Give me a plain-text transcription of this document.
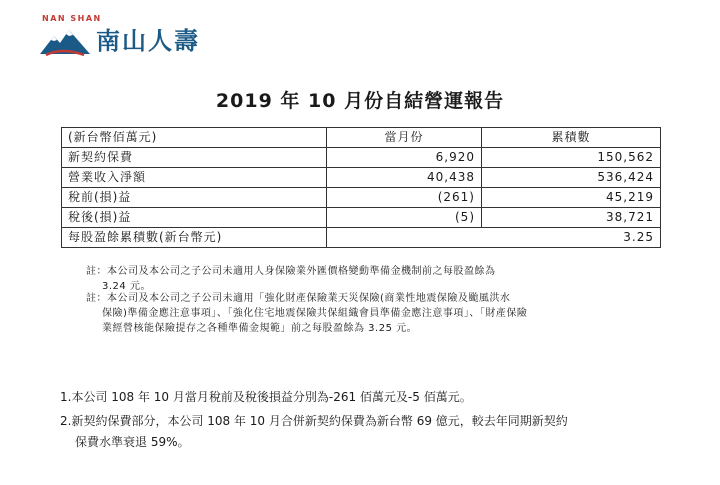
NAN SHAN
南山人壽
2019 年 10 月份自結營運報告
(新台幣佰萬元)	當月份	累積數
新契約保費	6,920	150,562
營業收入淨額	40,438	536,424
稅前(損)益	(261)	45,219
稅後(損)益	(5)	38,721
每股盈餘累積數(新台幣元)	3.25	
註：本公司及本公司之子公司未適用人身保險業外匯價格變動準備金機制前之每股盈餘為
3.24 元。
註：本公司及本公司之子公司未適用「強化財產保險業天災保險(商業性地震保險及颱風洪水
保險)準備金應注意事項」、「強化住宅地震保險共保組織會員準備金應注意事項」、「財產保險
業經營核能保險提存之各種準備金規範」前之每股盈餘為 3.25 元。
1.本公司 108 年 10 月當月稅前及稅後損益分別為-261 佰萬元及-5 佰萬元。
2.新契約保費部分，本公司 108 年 10 月合併新契約保費為新台幣 69 億元，較去年同期新契約
保費水準衰退 59%。
